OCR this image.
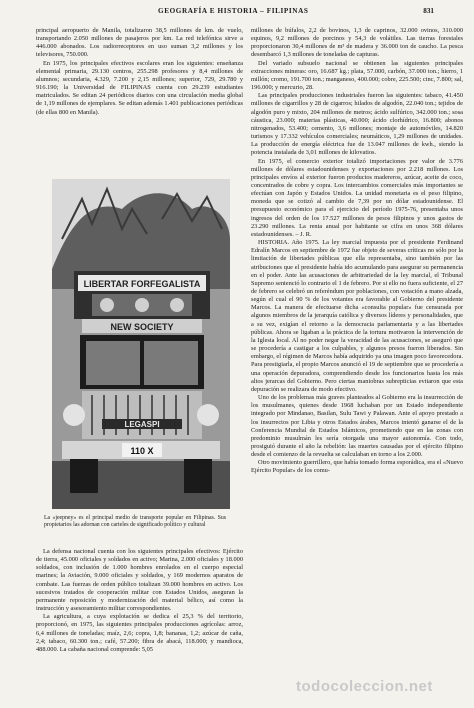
GEOGRAFÍA E HISTORIA – FILIPINAS	831

principal aeropuerto de Manila, totalizaron 38,5 millones de km. de vuelo, transportando 2.050 millones de pasajeros por km. La red telefónica sirve a 446.000 abonados. Los radiorreceptores en uso suman 3,2 millones y los televisores, 750.000.

En 1975, los principales efectivos escolares eran los siguientes: enseñanza elemental primaria, 29.130 centros, 255.298 profesores y 8,4 millones de alumnos; secundaria, 4.329, 7.200 y 2,15 millones; superior, 729, 29.780 y 916.190; la Universidad de FILIPINAS cuenta con 29.239 estudiantes matriculados. Se editan 24 periódicos diarios con una circulación media global de 1,19 millones de ejemplares. Se editan además 1.401 publicaciones periódicas (de ellas 800 en Manila).

LIBERTAR FORFEGALISTA
NEW SOCIETY
LEGASPI
110 X
La «jeepney» es el principal medio de transporte popular en Filipinas. Sus propietarios las adornan con carteles de significado político y cultural

La defensa nacional cuenta con los siguientes principales efectivos: Ejército de tierra, 45.000 oficiales y soldados en activo; Marina, 2.000 oficiales y 18.000 soldados, con inclusión de 1.000 hombres enrolados en el cuerpo especial marines; la Aviación, 9.000 oficiales y soldados, y 169 modernos aparatos de combate. Las fuerzas de orden público totalizan 39.000 hombres en activo. Los sucesivos tratados de cooperación militar con Estados Unidos, aseguran la permanente reposición y modernización del material bélico, así como la instrucción y asesoramiento militar correspondientes.

La agricultura, a cuya explotación se dedica el 25,3 % del territorio, proporcionó, en 1975, las siguientes principales producciones agrícolas: arroz, 6,4 millones de toneladas; maíz, 2,6; copra, 1,8; bananas, 1,2; azúcar de caña, 2,4; tabaco, 60.300 ton.; café, 57.200; fibra de abacá, 118.000; y mandioca, 488.000. La cabaña nacional comprende: 5,05

millones de búfalos, 2,2 de bovinos, 1,3 de caprinos, 32.000 ovinos, 310.000 equinos, 9,2 millones de porcinos y 54,3 de volátiles. Las tierras forestales proporcionaron 30,4 millones de m³ de madera y 36.000 ton de caucho. La pesca desembarcó 1,3 millones de toneladas de capturas.

Del variado subsuelo nacional se obtienen las siguientes principales extracciones mineras: oro, 16.687 kg.; plata, 57.000, carbón, 37.000 ton.; hierro, 1 millón; cromo, 191.700 ton.; manganeso, 400.000; cobre, 225.500; cinc, 7.800; sal, 196.000; y mercurio, 28.

Las principales producciones industriales fueron las siguientes: tabaco, 41.450 millones de cigarrillos y 28 de cigarros; hilados de algodón, 22.040 ton.; tejidos de algodón puro y mixto, 204 millones de metros; ácido sulfúrico, 342.000 ton.; sosa cáustica, 23.000; materias plásticas, 40.000; ácido clorhídrico, 16.800; abonos nitrogenados, 53.400; cemento, 3,6 millones; montaje de automóviles, 14.820 turismos y 17.332 vehículos comerciales; neumáticos, 1,29 millones de unidades. La producción de energía eléctrica fue de 13.047 millones de kwh., siendo la potencia instalada de 3,01 millones de kilovatios.

En 1975, el comercio exterior totalizó importaciones por valor de 3.776 millones de dólares estadounidenses y exportaciones por 2.218 millones. Los principales envíos al exterior fueron productos madereros, azúcar, aceite de coco, concentrados de cobre y copra. Los intercambios comerciales más importantes se efectúan con Japón y Estados Unidos. La unidad monetaria es el peso filipino, moneda que se cotizó al cambio de 7,39 por un dólar estadounidense. El presupuesto económico para el ejercicio del período 1975-76, presentaba unos ingresos del orden de los 17.527 millones de pesos filipinos y unos gastos de 23.290 millones. La renta anual por habitante se cifra en unos 368 dólares estadounidenses. – J. R.

HISTORIA. Año 1975. La ley marcial impuesta por el presidente Ferdinand Edralín Marcos en septiembre de 1972 fue objeto de severas críticas no sólo por la limitación de libertades públicas que ella representaba, sino también por las atribuciones que el presidente había ido acumulando para asegurar su permanencia en el poder. Ante las acusaciones de arbitrariedad de la ley marcial, el Tribunal Supremo sentenció lo contrario el 1 de febrero. Por si ello no fuera suficiente, el 27 de febrero se celebró un referéndum por poblaciones, con votación a mano alzada, según el cual el 90 % de los votantes era favorable al Gobierno del presidente Marcos. La manera de efectuarse dicha «consulta popular» fue censurada por algunos miembros de la jerarquía católica y diversos líderes y personalidades, que a su vez, exigían el retorno a la democracia parlamentaria y a las libertades públicas. Ahora se ligaban a la práctica de la tortura motivaron la intervención de la Iglesia local. Al no poder negar la veracidad de las acusaciones, se aseguró que se procedería a castigar a los culpables, y algunos presos fueron liberados. Sin embargo, el régimen de Marcos había adquirido ya una imagen poco favorecedora. Para prestigiarla, el propio Marcos anunció el 19 de septiembre que se procedería a una operación depuradora, comprendiendo desde los funcionarios hasta los más altos jerarcas del Gobierno. Pero ciertas maniobras subrepticias evitaron que esta depuración se realizara de modo efectivo.

Uno de los problemas más graves planteados al Gobierno era la insurrección de los musulmanes, quienes desde 1968 luchaban por un Estado independiente integrado por Mindanao, Basilan, Sulu Tawi y Palawan. Ante el apoyo prestado a los insurrectos por Libia y otros Estados árabes, Marcos intentó ganarse el de la Conferencia Mundial de Estados Islámicos, prometiendo que en las zonas con predominio musulmán les sería otorgada una mayor autonomía. Con todo, prosiguió durante el año la rebelión: las muertes causadas por el ejército filipino desde el comienzo de la revuelta se calculaban en torno a los 2.000.

Otro movimiento guerrillero, que había tomado forma esporádica, era el «Nuevo Ejército Popular» de los comu-

todocoleccion.net
